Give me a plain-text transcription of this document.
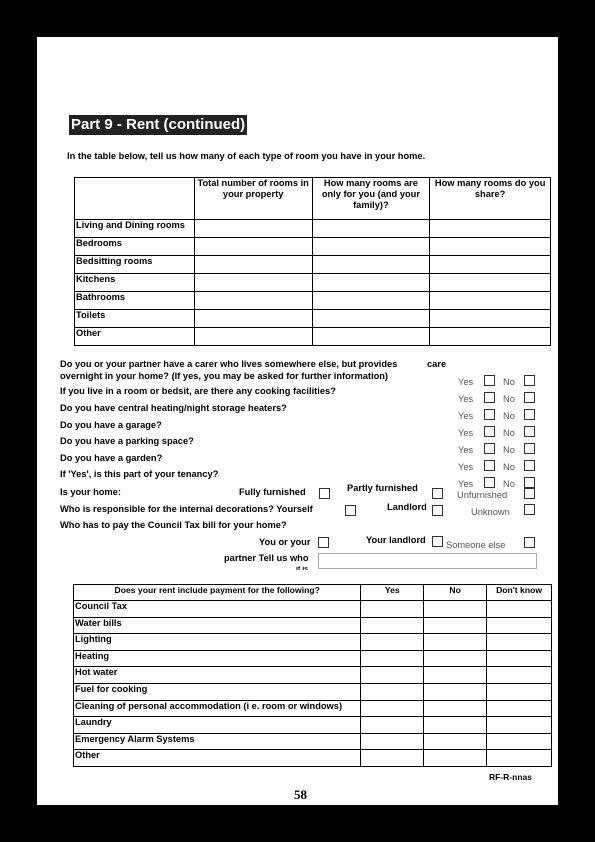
Part 9 - Rent (continued)
In the table below, tell us how many of each type of room you have in your home.
	Total number of rooms in your property	How many rooms are only for you (and your family)?	How many rooms do you share?
Living and Dining rooms			
Bedrooms			
Bedsitting rooms			
Kitchens			
Bathrooms			
Toilets			
Other			
Do you or your partner have a carer who lives somewhere else, but provides	care
overnight in your home? (If yes, you may be asked for further information)
If you live in a room or bedsit, are there any cooking facilities?
Do you have central heating/night storage heaters?
Do you have a garage?
Do you have a parking space?
Do you have a garden?
If 'Yes', is this part of your tenancy?
Yes	No
Yes	No
Yes	No
Yes	No
Yes	No
Yes	No
Yes	No
Is your home:	Fully furnished	Partly furnished
Unfurnished
Who is responsible for the internal decorations? Yourself	Landlord	Unknown
Who has to pay the Council Tax bill for your home?
You or your	Your landlord Someone else
partner Tell us who
it is
Does your rent include payment for the following?	Yes	No	Don't know
Council Tax			
Water bills			
Lighting			
Heating			
Hot water			
Fuel for cooking			
Cleaning of personal accommodation (i e. room or windows)			
Laundry			
Emergency Alarm Systems			
Other			
RF-R-nnas
58
